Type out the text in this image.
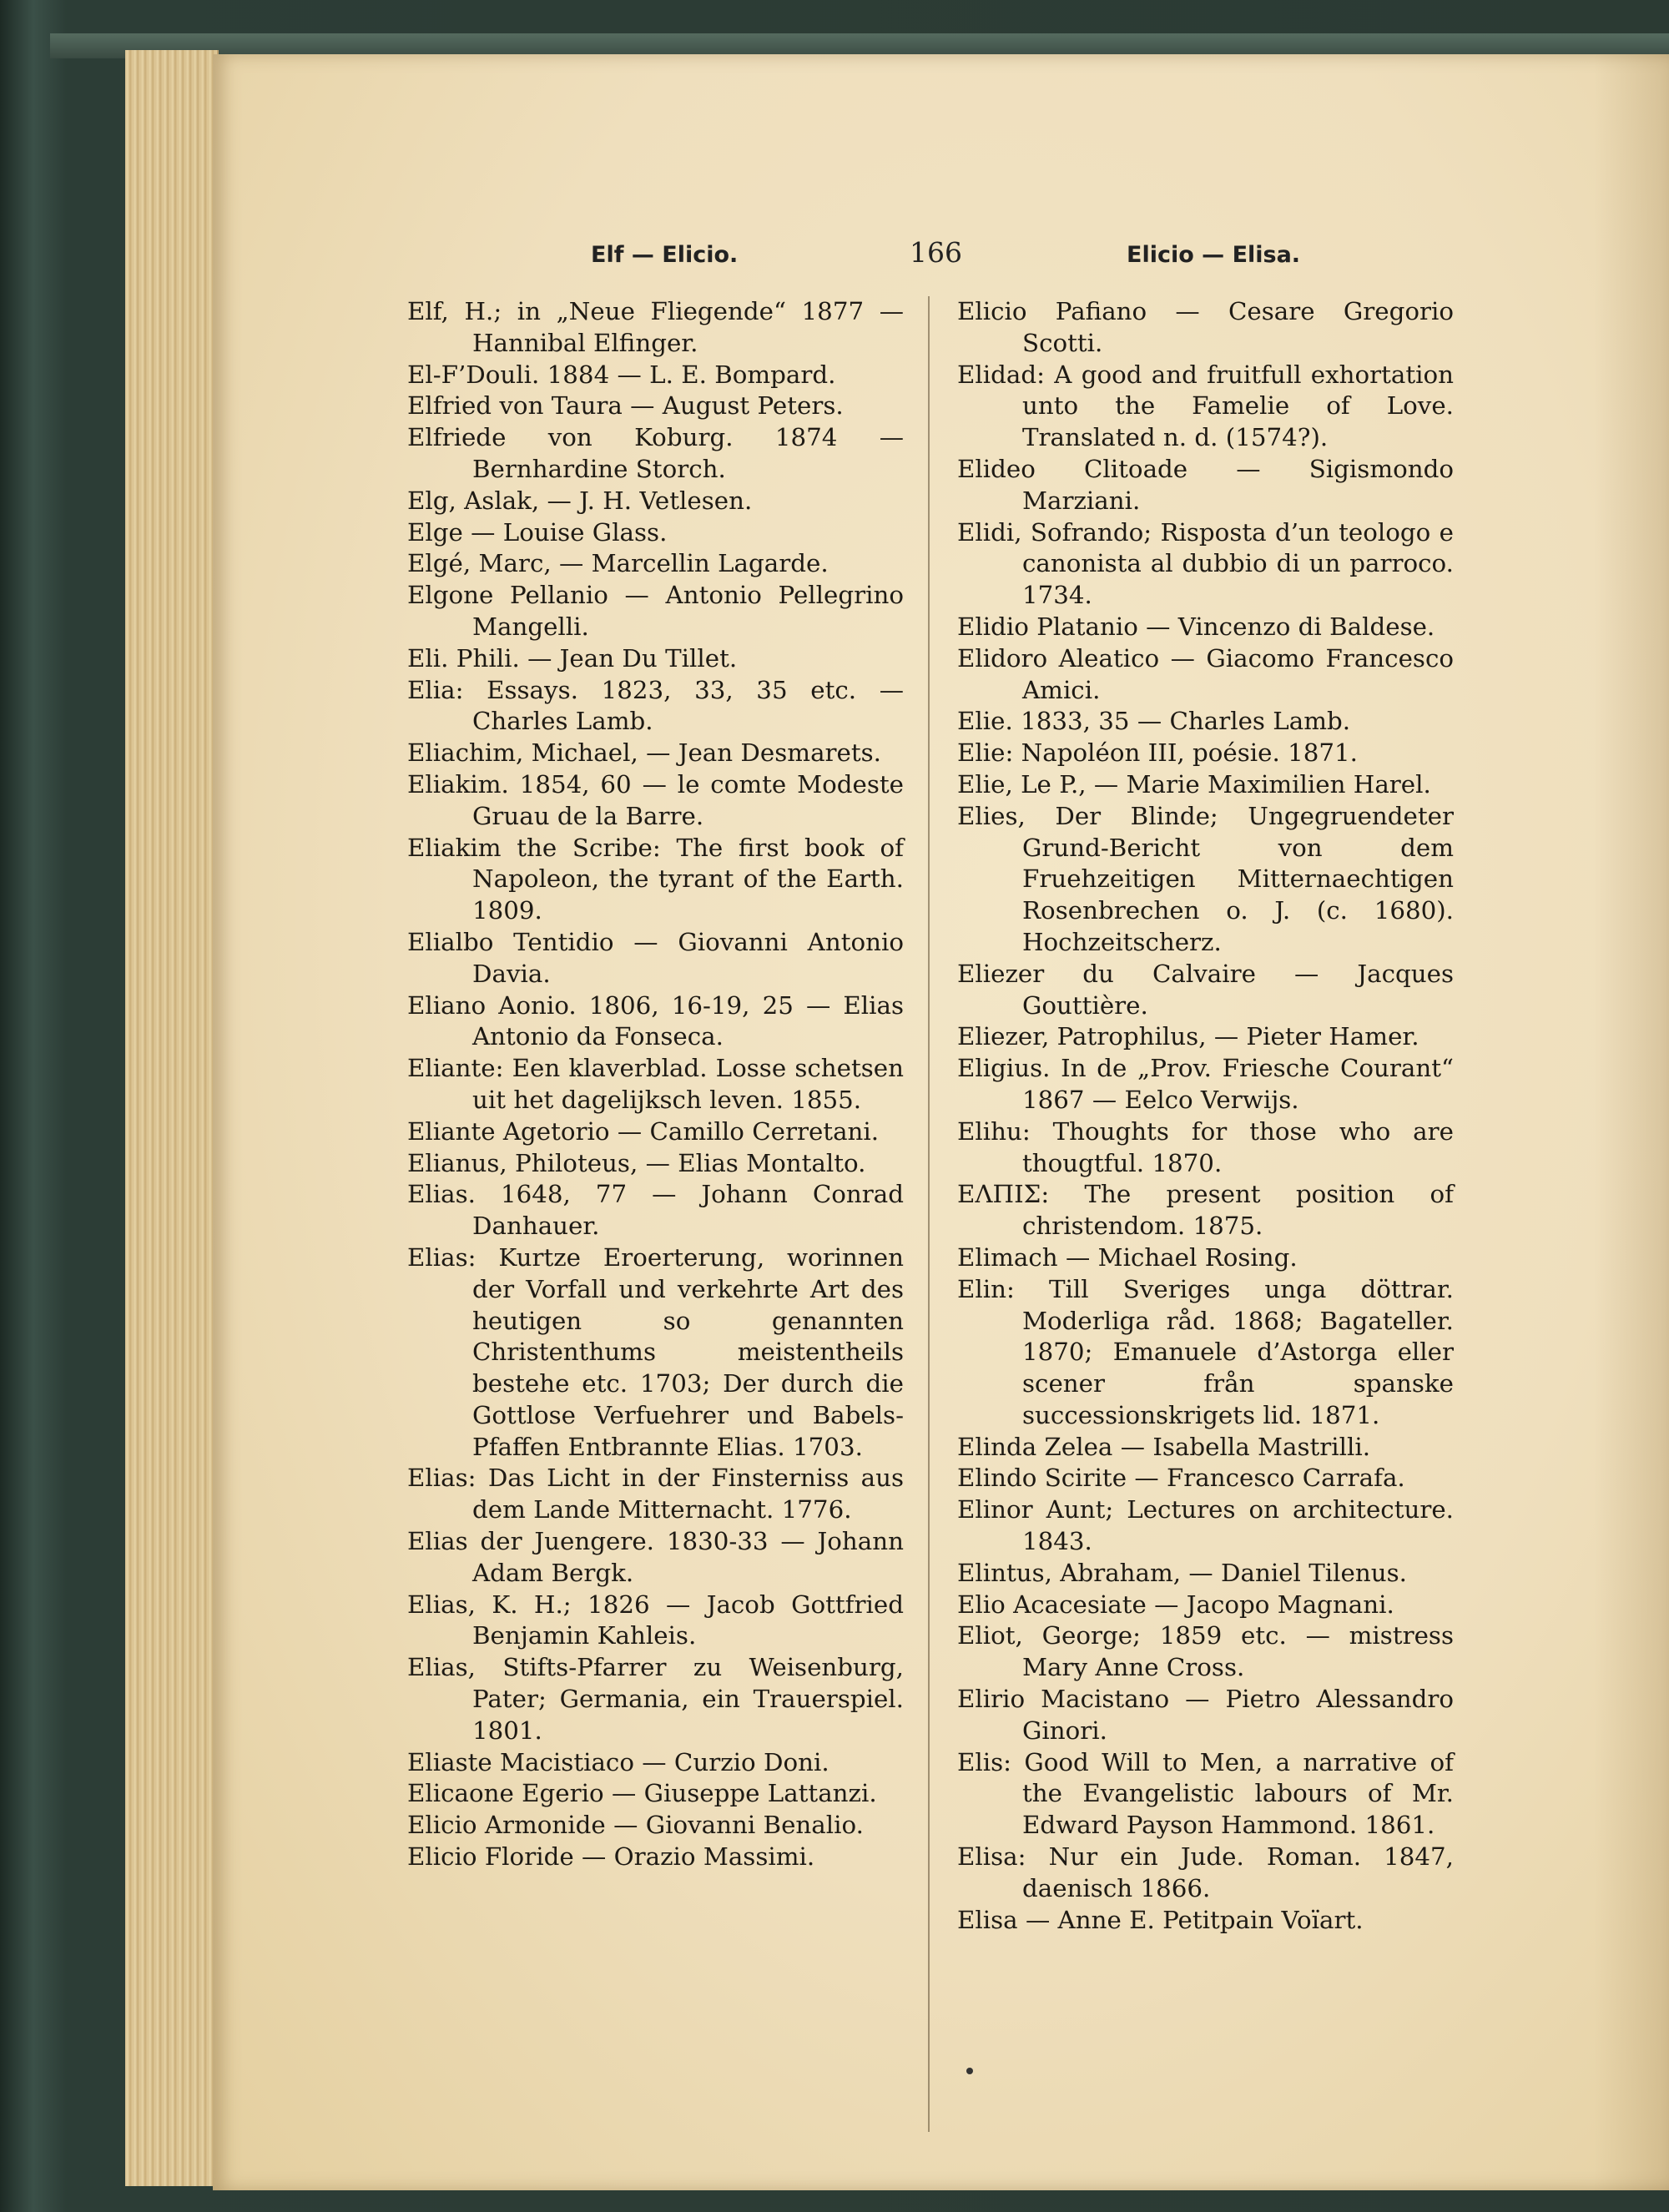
Elf — Elicio.	166	Elicio — Elisa.
Elf, H.; in „Neue Fliegende“ 1877 — Hannibal Elfinger.
El-F’Douli. 1884 — L. E. Bompard.
Elfried von Taura — August Peters.
Elfriede von Koburg. 1874 — Bernhardine Storch.
Elg, Aslak, — J. H. Vetlesen.
Elge — Louise Glass.
Elgé, Marc, — Marcellin Lagarde.
Elgone Pellanio — Antonio Pellegrino Mangelli.
Eli. Phili. — Jean Du Tillet.
Elia: Essays. 1823, 33, 35 etc. — Charles Lamb.
Eliachim, Michael, — Jean Desmarets.
Eliakim. 1854, 60 — le comte Modeste Gruau de la Barre.
Eliakim the Scribe: The first book of Napoleon, the tyrant of the Earth. 1809.
Elialbo Tentidio — Giovanni Antonio Davia.
Eliano Aonio. 1806, 16-19, 25 — Elias Antonio da Fonseca.
Eliante: Een klaverblad. Losse schetsen uit het dagelijksch leven. 1855.
Eliante Agetorio — Camillo Cerretani.
Elianus, Philoteus, — Elias Montalto.
Elias. 1648, 77 — Johann Conrad Danhauer.
Elias: Kurtze Eroerterung, worinnen der Vorfall und verkehrte Art des heutigen so genannten Christenthums meistentheils bestehe etc. 1703; Der durch die Gottlose Verfuehrer und Babels-Pfaffen Entbrannte Elias. 1703.
Elias: Das Licht in der Finsterniss aus dem Lande Mitternacht. 1776.
Elias der Juengere. 1830-33 — Johann Adam Bergk.
Elias, K. H.; 1826 — Jacob Gottfried Benjamin Kahleis.
Elias, Stifts-Pfarrer zu Weisenburg, Pater; Germania, ein Trauerspiel. 1801.
Eliaste Macistiaco — Curzio Doni.
Elicaone Egerio — Giuseppe Lattanzi.
Elicio Armonide — Giovanni Benalio.
Elicio Floride — Orazio Massimi.
Elicio Pafiano — Cesare Gregorio Scotti.
Elidad: A good and fruitfull exhortation unto the Famelie of Love. Translated n. d. (1574?).
Elideo Clitoade — Sigismondo Marziani.
Elidi, Sofrando; Risposta d’un teologo e canonista al dubbio di un parroco. 1734.
Elidio Platanio — Vincenzo di Baldese.
Elidoro Aleatico — Giacomo Francesco Amici.
Elie. 1833, 35 — Charles Lamb.
Elie: Napoléon III, poésie. 1871.
Elie, Le P., — Marie Maximilien Harel.
Elies, Der Blinde; Ungegruendeter Grund-Bericht von dem Fruehzeitigen Mitternaechtigen Rosenbrechen o. J. (c. 1680). Hochzeitscherz.
Eliezer du Calvaire — Jacques Gouttière.
Eliezer, Patrophilus, — Pieter Hamer.
Eligius. In de „Prov. Friesche Courant“ 1867 — Eelco Verwijs.
Elihu: Thoughts for those who are thougtful. 1870.
ΕΛΠΙΣ: The present position of christendom. 1875.
Elimach — Michael Rosing.
Elin: Till Sveriges unga döttrar. Moderliga råd. 1868; Bagateller. 1870; Emanuele d’Astorga eller scener från spanske successionskrigets lid. 1871.
Elinda Zelea — Isabella Mastrilli.
Elindo Scirite — Francesco Carrafa.
Elinor Aunt; Lectures on architecture. 1843.
Elintus, Abraham, — Daniel Tilenus.
Elio Acacesiate — Jacopo Magnani.
Eliot, George; 1859 etc. — mistress Mary Anne Cross.
Elirio Macistano — Pietro Alessandro Ginori.
Elis: Good Will to Men, a narrative of the Evangelistic labours of Mr. Edward Payson Hammond. 1861.
Elisa: Nur ein Jude. Roman. 1847, daenisch 1866.
Elisa — Anne E. Petitpain Voïart.
